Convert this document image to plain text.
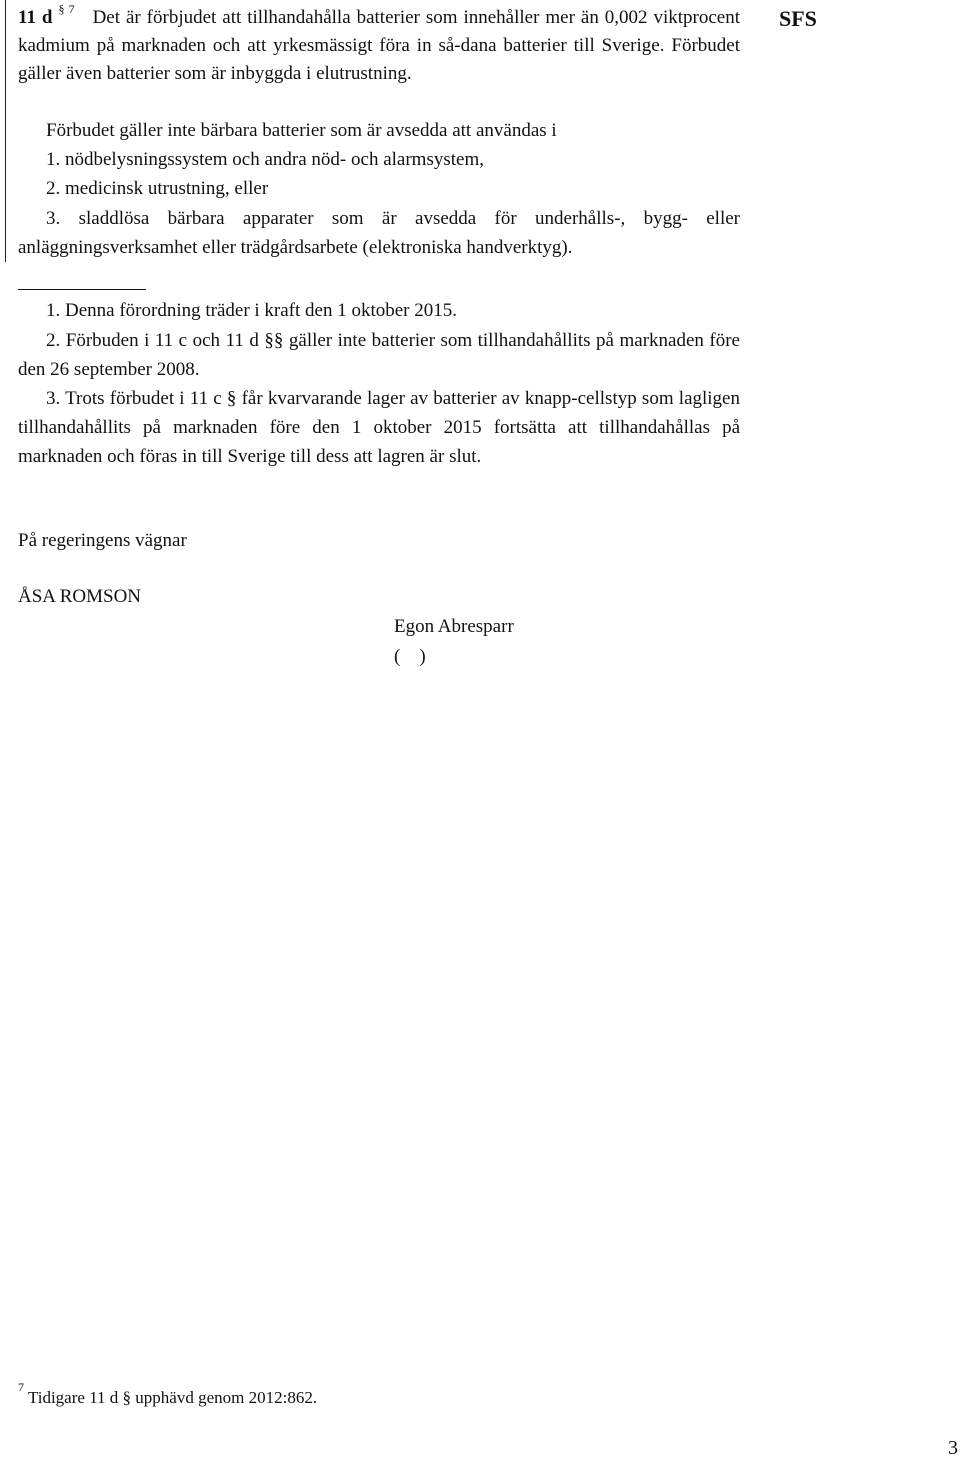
SFS
11 d § $^7$ Det är förbjudet att tillhandahålla batterier som innehåller mer än 0,002 viktprocent kadmium på marknaden och att yrkesmässigt föra in så-dana batterier till Sverige. Förbudet gäller även batterier som är inbyggda i elutrustning.
Förbudet gäller inte bärbara batterier som är avsedda att användas i
1. nödbelysningssystem och andra nöd- och alarmsystem,
2. medicinsk utrustning, eller
3. sladdlösa bärbara apparater som är avsedda för underhålls-, bygg- eller anläggningsverksamhet eller trädgårdsarbete (elektroniska handverktyg).
1. Denna förordning träder i kraft den 1 oktober 2015.
2. Förbuden i 11 c och 11 d §§ gäller inte batterier som tillhandahållits på marknaden före den 26 september 2008.
3. Trots förbudet i 11 c § får kvarvarande lager av batterier av knapp-cellstyp som lagligen tillhandahållits på marknaden före den 1 oktober 2015 fortsätta att tillhandahållas på marknaden och föras in till Sverige till dess att lagren är slut.
På regeringens vägnar
ÅSA ROMSON
Egon Abresparr
(    )
$^7$ Tidigare 11 d § upphävd genom 2012:862.
3
